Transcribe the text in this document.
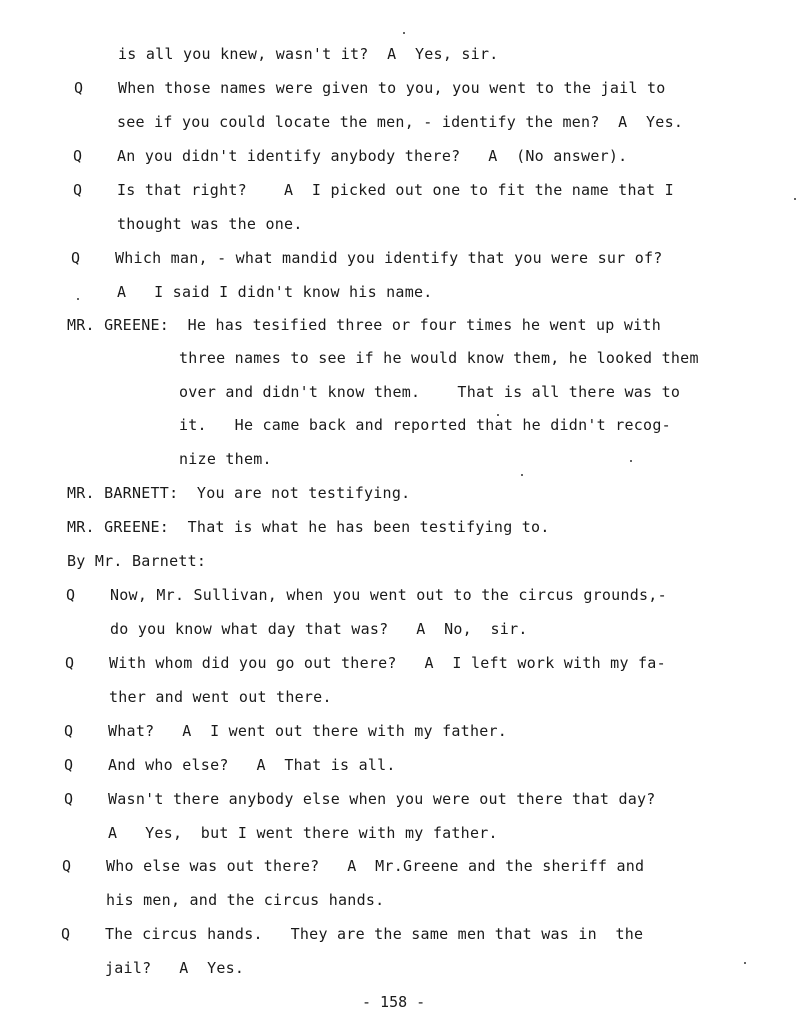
is all you knew, wasn't it?  A  Yes, sir.
Q When those names were given to you, you went to the jail to
see if you could locate the men, - identify the men?  A  Yes.
Q An you didn't identify anybody there?   A  (No answer).
Q Is that right?    A  I picked out one to fit the name that I
thought was the one.
Q Which man, - what mandid you identify that you were sur of?
A   I said I didn't know his name.
MR. GREENE:  He has tesified three or four times he went up with
three names to see if he would know them, he looked them
over and didn't know them.    That is all there was to
it.   He came back and reported that he didn't recog-
nize them.
MR. BARNETT:  You are not testifying.
MR. GREENE:  That is what he has been testifying to.
By Mr. Barnett:
Q Now, Mr. Sullivan, when you went out to the circus grounds,-
do you know what day that was?   A  No,  sir.
Q With whom did you go out there?   A  I left work with my fa-
ther and went out there.
Q What?   A  I went out there with my father.
Q And who else?   A  That is all.
Q Wasn't there anybody else when you were out there that day?
A   Yes,  but I went there with my father.
Q Who else was out there?   A  Mr.Greene and the sheriff and
his men, and the circus hands.
Q The circus hands.   They are the same men that was in  the
jail?   A  Yes.
- 158 -
